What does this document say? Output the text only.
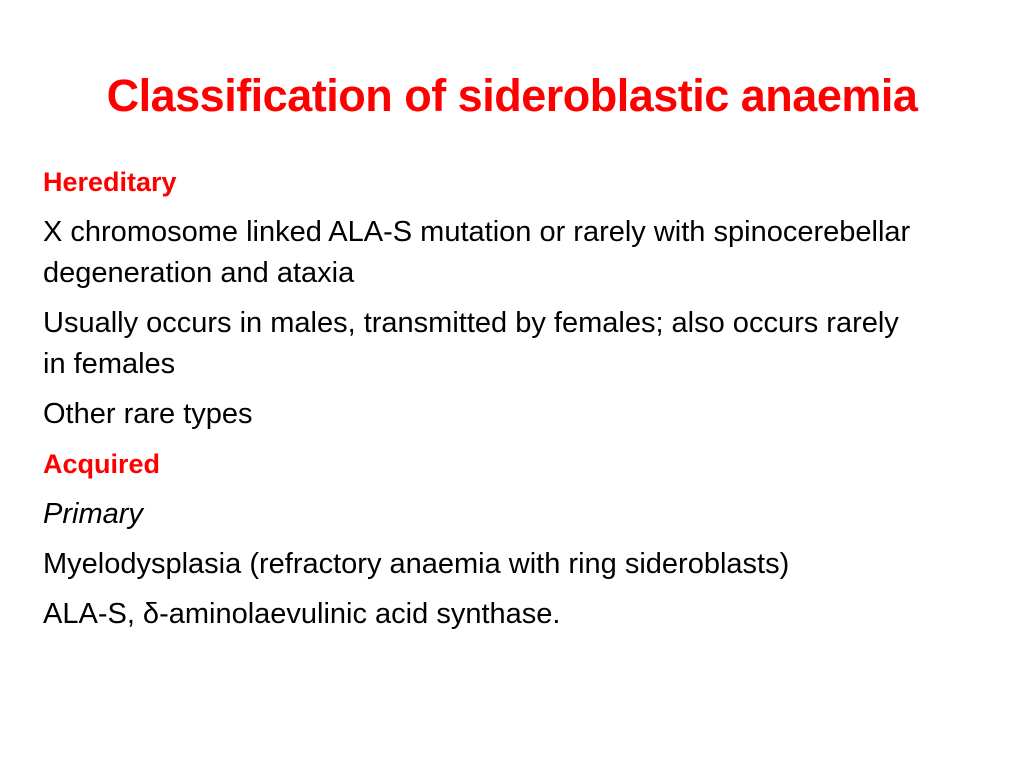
Classification of sideroblastic anaemia

Hereditary

X chromosome linked ALA-S mutation or rarely with spinocerebellar degeneration and ataxia

Usually occurs in males, transmitted by females; also occurs rarely in females

Other rare types

Acquired

Primary

Myelodysplasia (refractory anaemia with ring sideroblasts)

ALA-S, δ-aminolaevulinic acid synthase.
